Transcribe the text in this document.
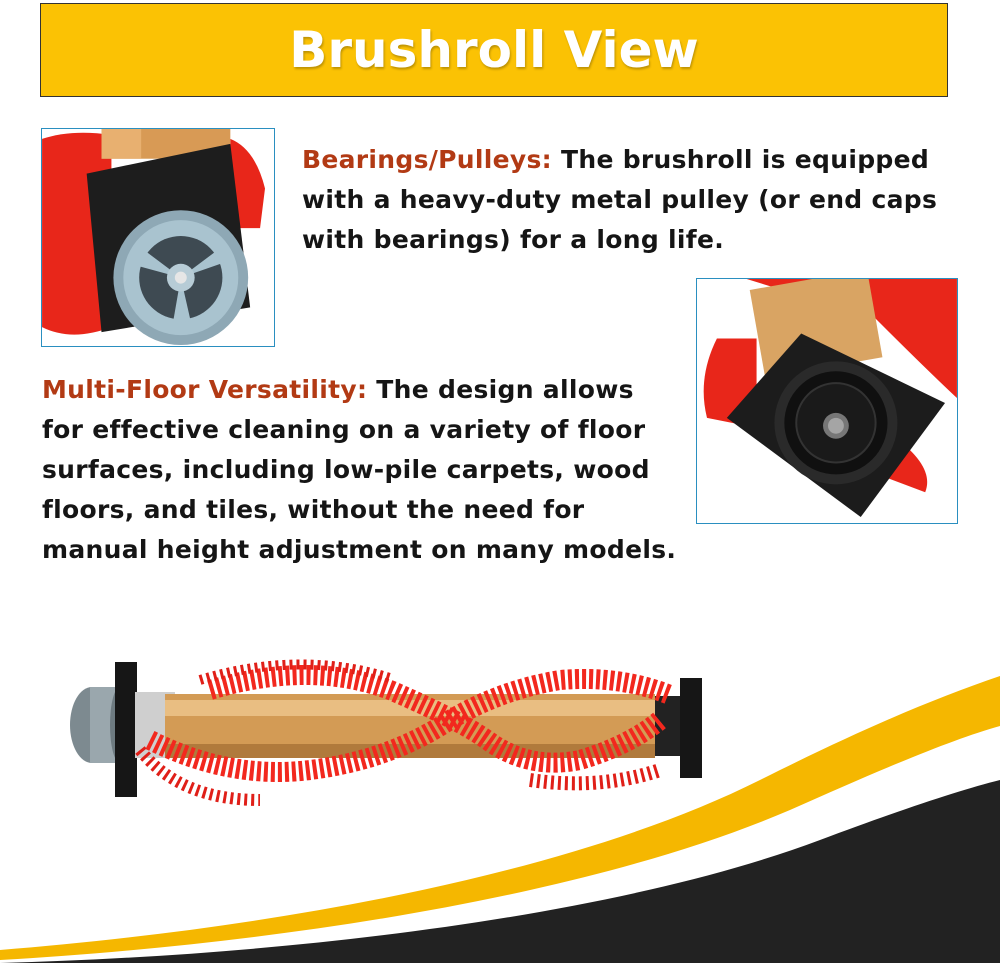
Brushroll View
Bearings/Pulleys: The brushroll is equipped with a heavy-duty metal pulley (or end caps with bearings) for a long life.
Multi-Floor Versatility: The design allows for effective cleaning on a variety of floor surfaces, including low-pile carpets, wood floors, and tiles, without the need for manual height adjustment on many models.
